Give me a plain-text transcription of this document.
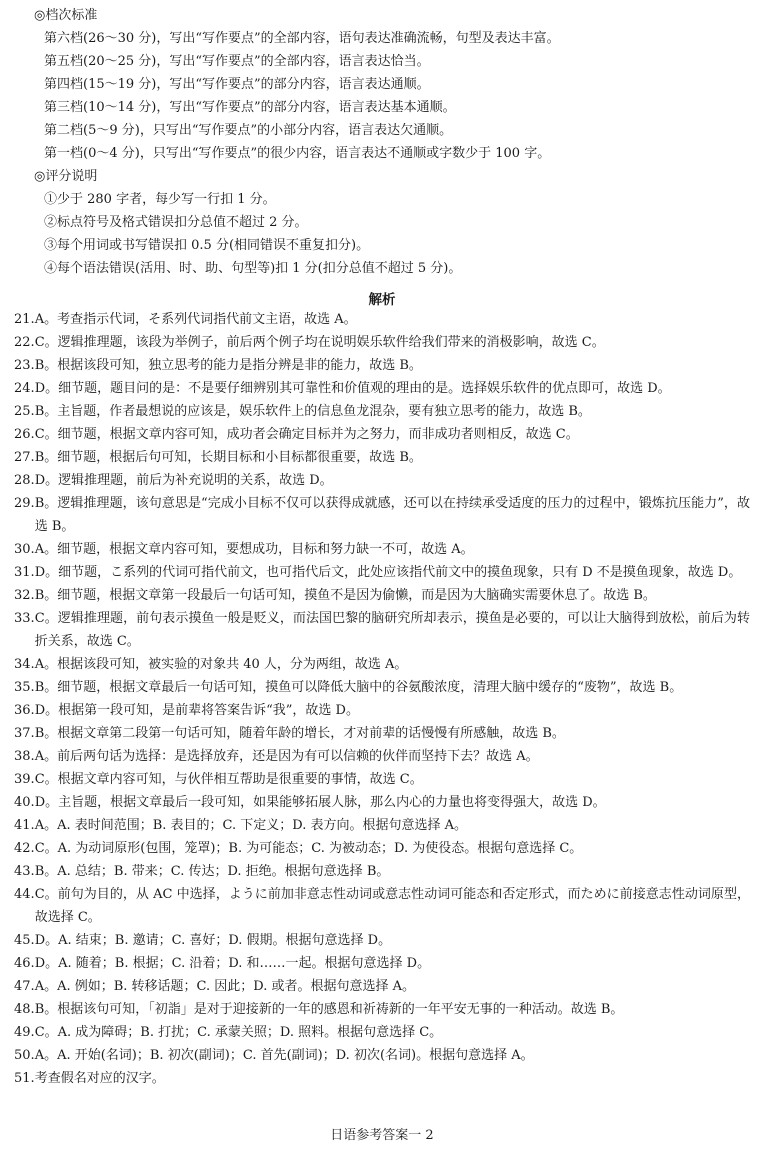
◎档次标准
第六档(26～30 分)，写出“写作要点”的全部内容，语句表达准确流畅，句型及表达丰富。
第五档(20～25 分)，写出“写作要点”的全部内容，语言表达恰当。
第四档(15～19 分)，写出“写作要点”的部分内容，语言表达通顺。
第三档(10～14 分)，写出“写作要点”的部分内容，语言表达基本通顺。
第二档(5～9 分)，只写出“写作要点”的小部分内容，语言表达欠通顺。
第一档(0～4 分)，只写出“写作要点”的很少内容，语言表达不通顺或字数少于 100 字。
◎评分说明
①少于 280 字者，每少写一行扣 1 分。
②标点符号及格式错误扣分总值不超过 2 分。
③每个用词或书写错误扣 0.5 分(相同错误不重复扣分)。
④每个语法错误(活用、时、助、句型等)扣 1 分(扣分总值不超过 5 分)。
解析
21. A。考查指示代词，そ系列代词指代前文主语，故选 A。
22. C。逻辑推理题，该段为举例子，前后两个例子均在说明娱乐软件给我们带来的消极影响，故选 C。
23. B。根据该段可知，独立思考的能力是指分辨是非的能力，故选 B。
24. D。细节题，题目问的是：不是要仔细辨别其可靠性和价值观的理由的是。选择娱乐软件的优点即可，故选 D。
25. B。主旨题，作者最想说的应该是，娱乐软件上的信息鱼龙混杂，要有独立思考的能力，故选 B。
26. C。细节题，根据文章内容可知，成功者会确定目标并为之努力，而非成功者则相反，故选 C。
27. B。细节题，根据后句可知，长期目标和小目标都很重要，故选 B。
28. D。逻辑推理题，前后为补充说明的关系，故选 D。
29. B。逻辑推理题，该句意思是“完成小目标不仅可以获得成就感，还可以在持续承受适度的压力的过程中，锻炼抗压能力”，故选 B。
30. A。细节题，根据文章内容可知，要想成功，目标和努力缺一不可，故选 A。
31. D。细节题，こ系列的代词可指代前文，也可指代后文，此处应该指代前文中的摸鱼现象，只有 D 不是摸鱼现象，故选 D。
32. B。细节题，根据文章第一段最后一句话可知，摸鱼不是因为偷懒，而是因为大脑确实需要休息了。故选 B。
33. C。逻辑推理题，前句表示摸鱼一般是贬义，而法国巴黎的脑研究所却表示，摸鱼是必要的，可以让大脑得到放松，前后为转折关系，故选 C。
34. A。根据该段可知，被实验的对象共 40 人，分为两组，故选 A。
35. B。细节题，根据文章最后一句话可知，摸鱼可以降低大脑中的谷氨酸浓度，清理大脑中缓存的“废物”，故选 B。
36. D。根据第一段可知，是前辈将答案告诉“我”，故选 D。
37. B。根据文章第二段第一句话可知，随着年龄的增长，才对前辈的话慢慢有所感触，故选 B。
38. A。前后两句话为选择：是选择放弃，还是因为有可以信赖的伙伴而坚持下去？故选 A。
39. C。根据文章内容可知，与伙伴相互帮助是很重要的事情，故选 C。
40. D。主旨题，根据文章最后一段可知，如果能够拓展人脉，那么内心的力量也将变得强大，故选 D。
41. A。A. 表时间范围；B. 表目的；C. 下定义；D. 表方向。根据句意选择 A。
42. C。A. 为动词原形(包围，笼罩)；B. 为可能态；C. 为被动态；D. 为使役态。根据句意选择 C。
43. B。A. 总结；B. 带来；C. 传达；D. 拒绝。根据句意选择 B。
44. C。前句为目的，从 AC 中选择，ように前加非意志性动词或意志性动词可能态和否定形式，而ために前接意志性动词原型，故选择 C。
45. D。A. 结束；B. 邀请；C. 喜好；D. 假期。根据句意选择 D。
46. D。A. 随着；B. 根据；C. 沿着；D. 和……一起。根据句意选择 D。
47. A。A. 例如；B. 转移话题；C. 因此；D. 或者。根据句意选择 A。
48. B。根据该句可知，「初詣」是对于迎接新的一年的感恩和祈祷新的一年平安无事的一种活动。故选 B。
49. C。A. 成为障碍；B. 打扰；C. 承蒙关照；D. 照料。根据句意选择 C。
50. A。A. 开始(名词)；B. 初次(副词)；C. 首先(副词)；D. 初次(名词)。根据句意选择 A。
51. 考查假名对应的汉字。
日语参考答案一 2
